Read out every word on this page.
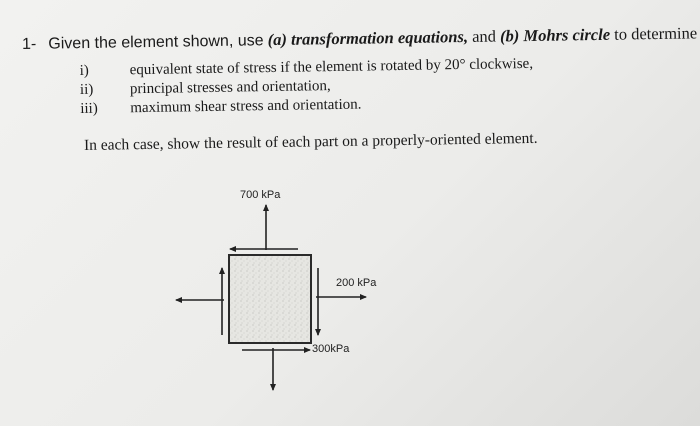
1- Given the element shown, use (a) transformation equations, and (b) Mohrs circle to determine
i)	equivalent state of stress if the element is rotated by 20° clockwise,
ii)	principal stresses and orientation,
iii)	maximum shear stress and orientation.
In each case, show the result of each part on a properly-oriented element.
700 kPa
200 kPa
300kPa
